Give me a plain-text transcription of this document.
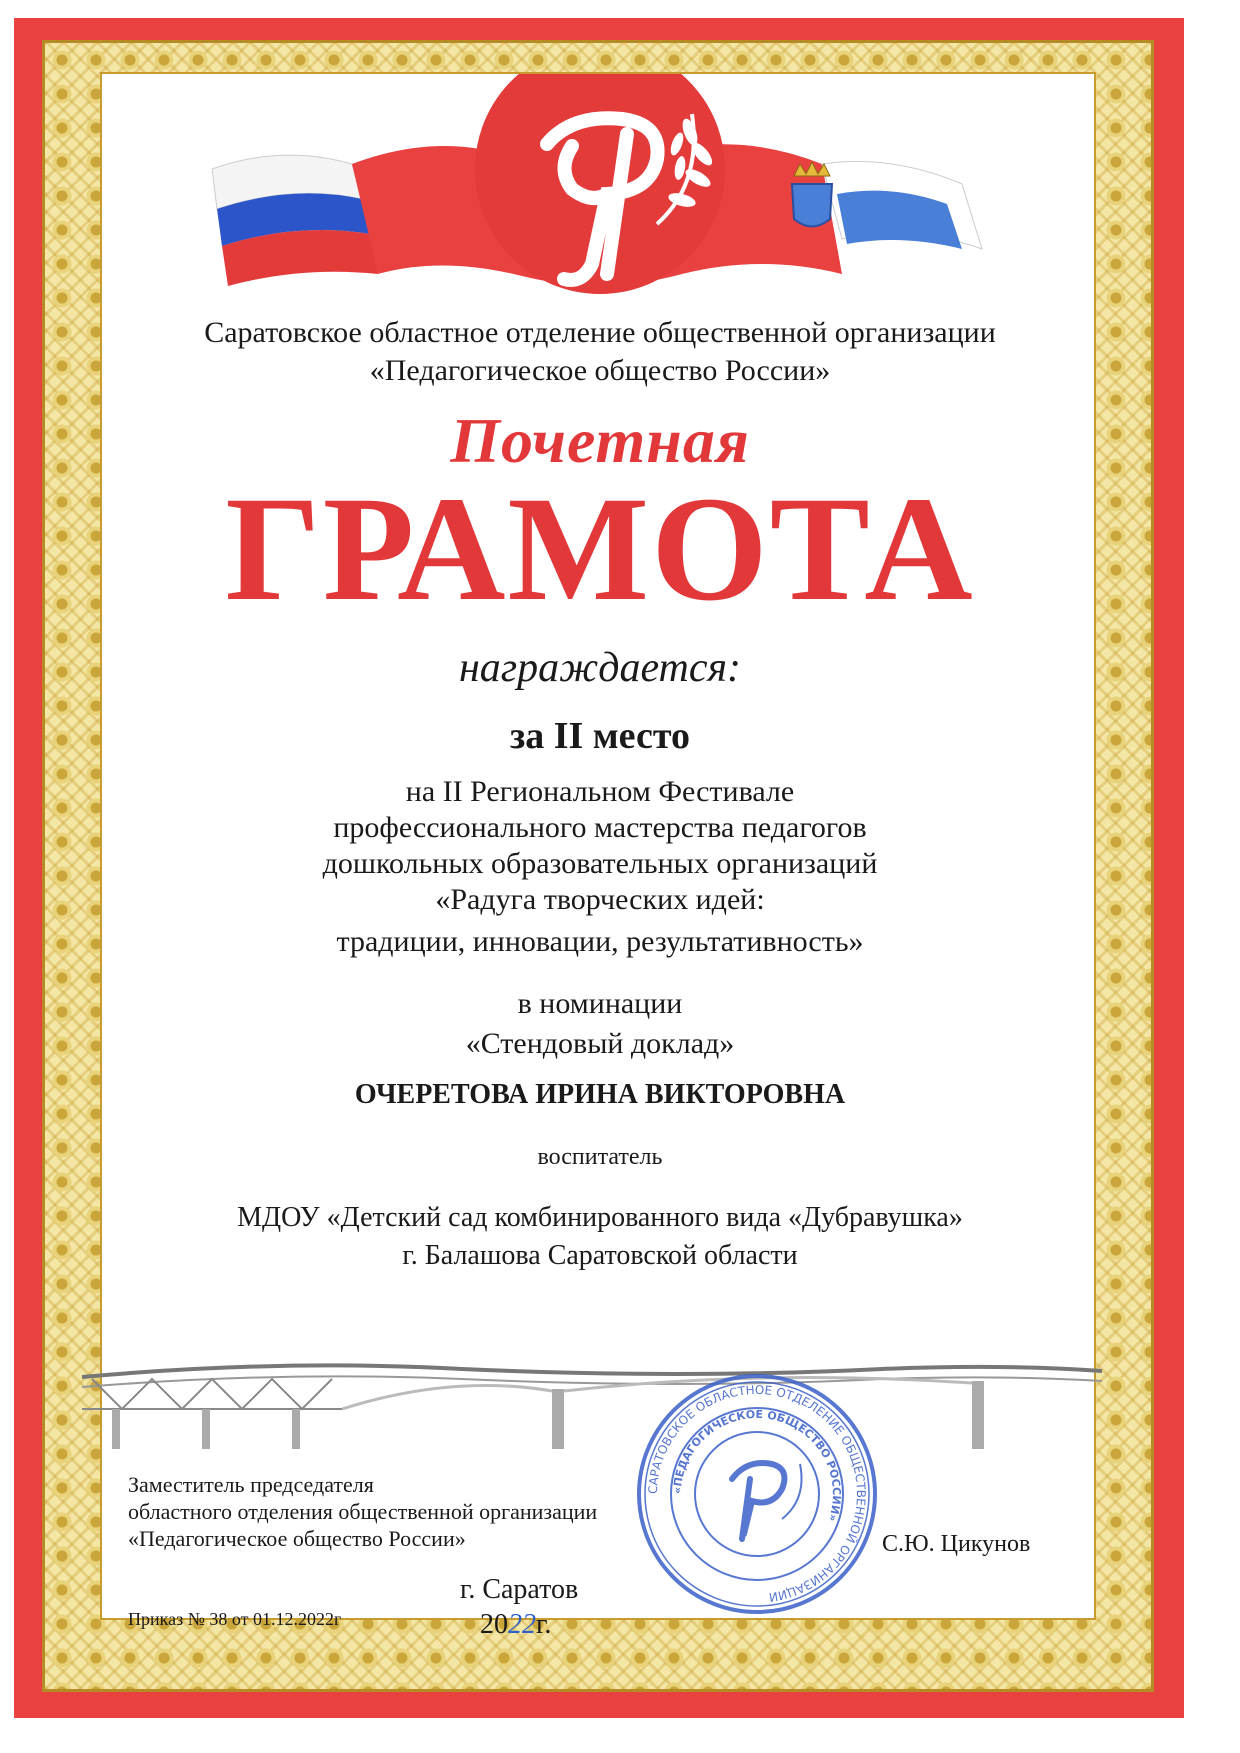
Саратовское областное отделение общественной организации
«Педагогическое общество России»
Почетная
ГРАМОТА
награждается:
за II место
на II Региональном Фестивале
профессионального мастерства педагогов
дошкольных образовательных организаций
«Радуга творческих идей:
традиции, инновации, результативность»
в номинации
«Стендовый доклад»
ОЧЕРЕТОВА ИРИНА ВИКТОРОВНА
воспитатель
МДОУ «Детский сад комбинированного вида «Дубравушка»
г. Балашова Саратовской области
Заместитель председателя
областного отделения общественной организации
«Педагогическое общество России»	С.Ю. Цикунов
г. Саратов
2022г.
Приказ № 38 от 01.12.2022г
САРАТОВСКОЕ ОБЛАСТНОЕ ОТДЕЛЕНИЕ ОБЩЕСТВЕННОЙ ОРГАНИЗАЦИИ
«ПЕДАГОГИЧЕСКОЕ ОБЩЕСТВО РОССИИ»
